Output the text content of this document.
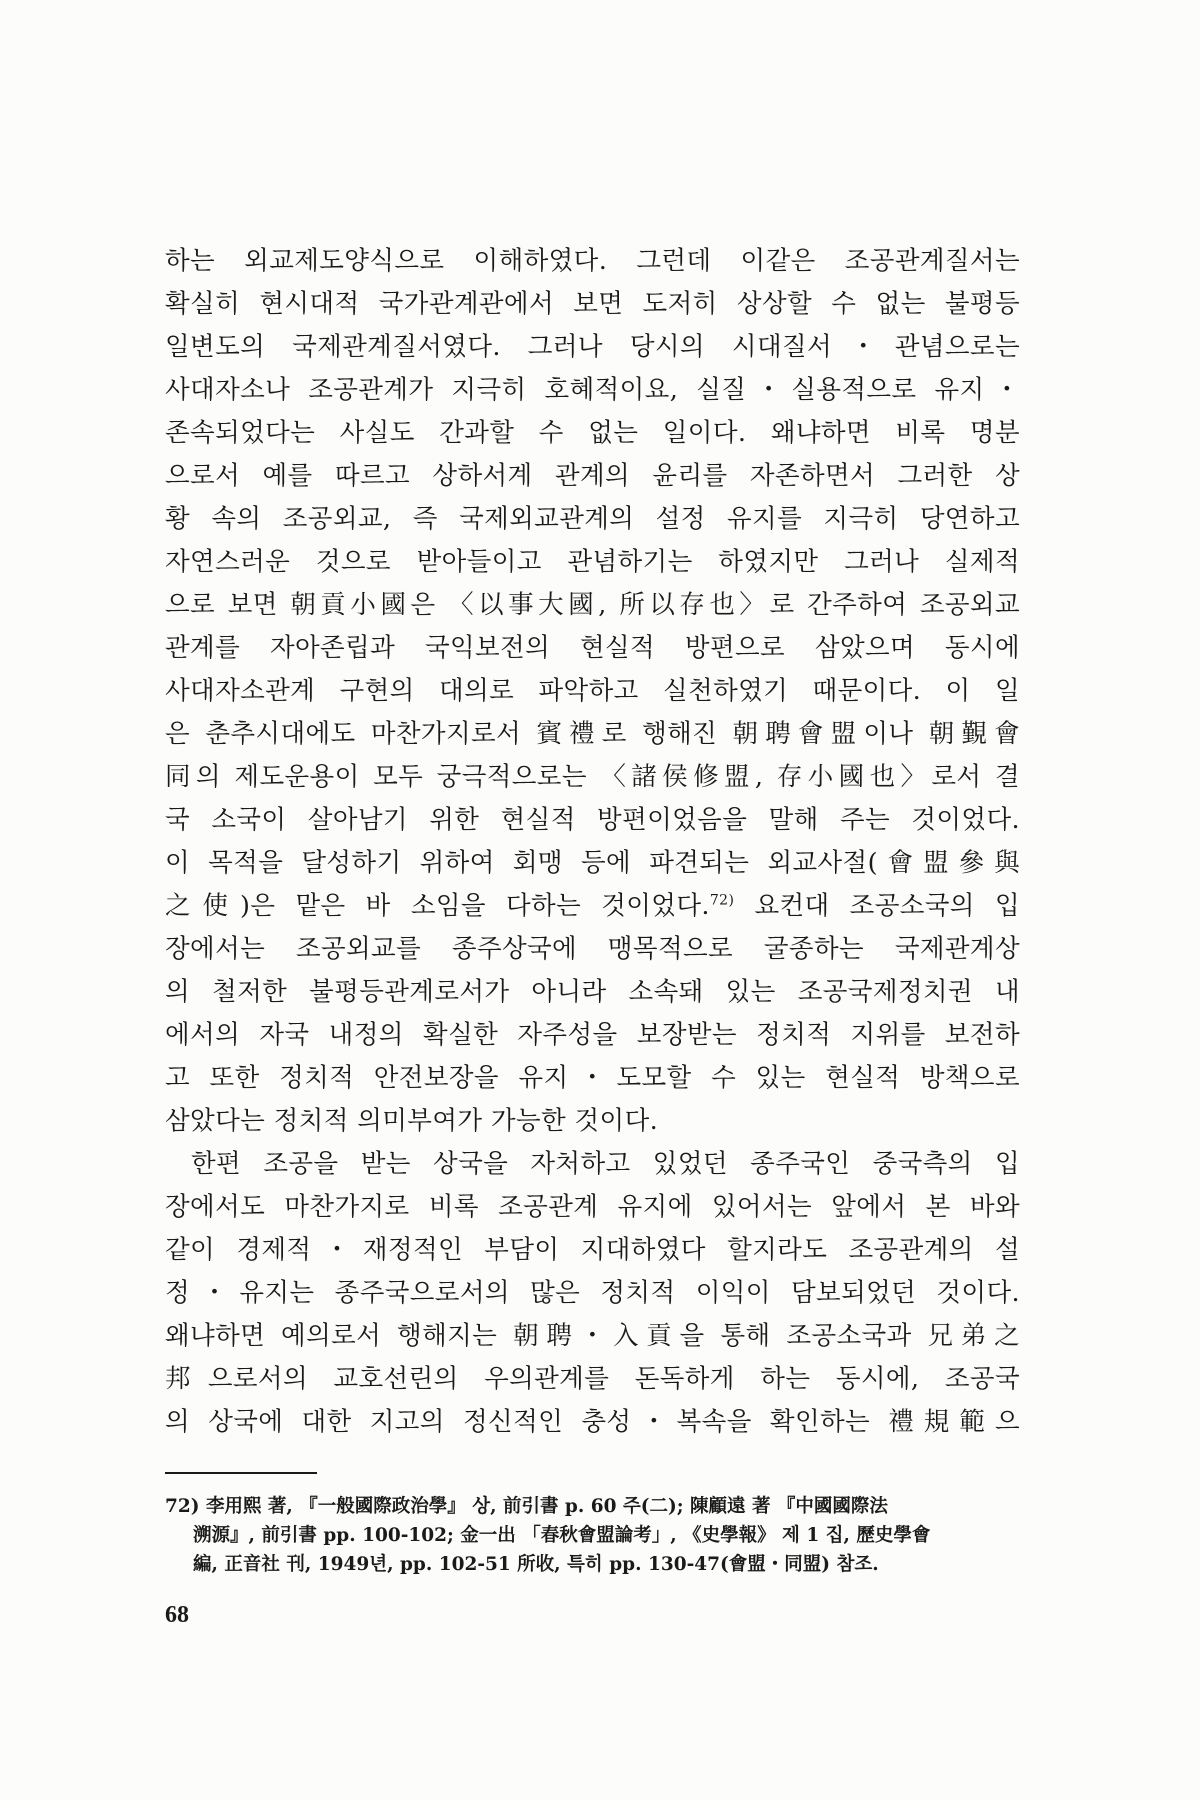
하는 외교제도양식으로 이해하였다. 그런데 이같은 조공관계질서는

확실히 현시대적 국가관계관에서 보면 도저히 상상할 수 없는 불평등

일변도의 국제관계질서였다. 그러나 당시의 시대질서・관념으로는

사대자소나 조공관계가 지극히 호혜적이요, 실질・실용적으로 유지・

존속되었다는 사실도 간과할 수 없는 일이다. 왜냐하면 비록 명분

으로서 예를 따르고 상하서계 관계의 윤리를 자존하면서 그러한 상

황 속의 조공외교, 즉 국제외교관계의 설정 유지를 지극히 당연하고

자연스러운 것으로 받아들이고 관념하기는 하였지만 그러나 실제적

으로 보면 朝貢小國은 〈以事大國, 所以存也〉로 간주하여 조공외교

관계를 자아존립과 국익보전의 현실적 방편으로 삼았으며 동시에

사대자소관계 구현의 대의로 파악하고 실천하였기 때문이다. 이 일

은 춘추시대에도 마찬가지로서 賓禮로 행해진 朝聘會盟이나 朝覲會

同의 제도운용이 모두 궁극적으로는 〈諸侯修盟, 存小國也〉로서 결

국 소국이 살아남기 위한 현실적 방편이었음을 말해 주는 것이었다.

이 목적을 달성하기 위하여 회맹 등에 파견되는 외교사절(會盟參與

之使)은 맡은 바 소임을 다하는 것이었다.$^{72)}$ 요컨대 조공소국의 입

장에서는 조공외교를 종주상국에 맹목적으로 굴종하는 국제관계상

의 철저한 불평등관계로서가 아니라 소속돼 있는 조공국제정치권 내

에서의 자국 내정의 확실한 자주성을 보장받는 정치적 지위를 보전하

고 또한 정치적 안전보장을 유지・도모할 수 있는 현실적 방책으로

삼았다는 정치적 의미부여가 가능한 것이다.

한편 조공을 받는 상국을 자처하고 있었던 종주국인 중국측의 입

장에서도 마찬가지로 비록 조공관계 유지에 있어서는 앞에서 본 바와

같이 경제적・재정적인 부담이 지대하였다 할지라도 조공관계의 설

정・유지는 종주국으로서의 많은 정치적 이익이 담보되었던 것이다.

왜냐하면 예의로서 행해지는 朝聘・入貢을 통해 조공소국과 兄弟之

邦으로서의 교호선린의 우의관계를 돈독하게 하는 동시에, 조공국

의 상국에 대한 지고의 정신적인 충성・복속을 확인하는 禮規範으

72) 李用熙 著, 『一般國際政治學』 상, 前引書 p. 60 주(二); 陳顧遠 著 『中國國際法
溯源』, 前引書 pp. 100-102; 金一出 「春秋會盟論考」, 《史學報》 제 1 집, 歷史學會
編, 正音社 刊, 1949년, pp. 102-51 所收, 특히 pp. 130-47(會盟・同盟) 참조.
68
